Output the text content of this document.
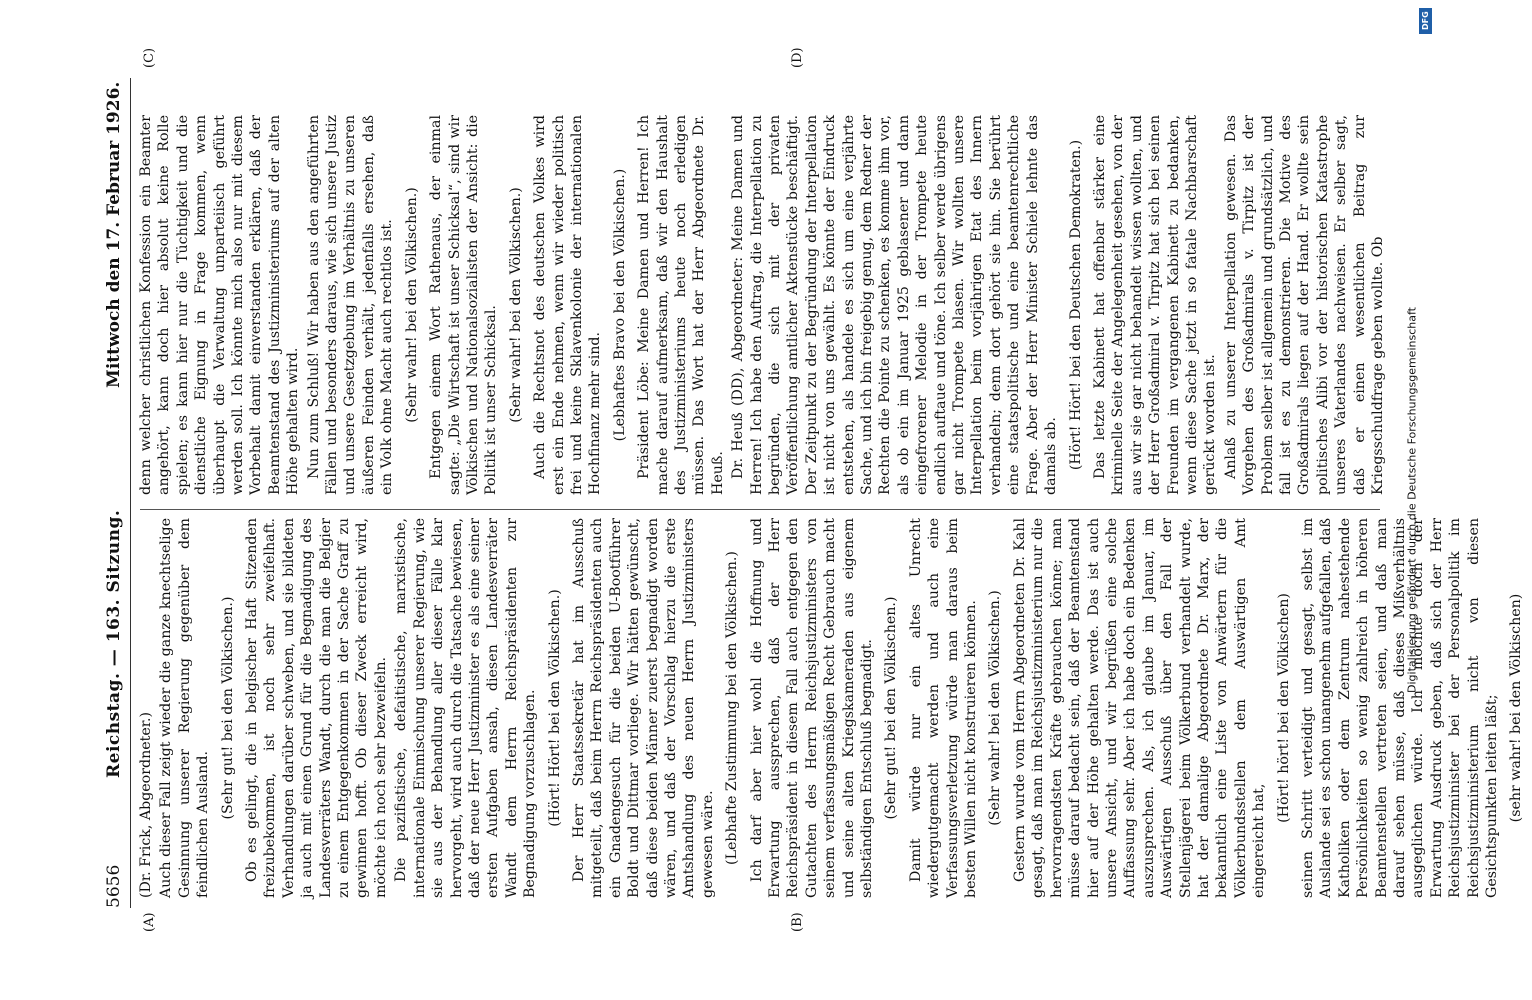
5656
Reichstag. — 163. Sitzung.
Mittwoch den 17. Februar 1926.
(A)	(B)
(C)	(D)

(Dr. Frick, Abgeordneter.) Auch dieser Fall zeigt wieder die ganze knechtselige Gesinnung unserer Regierung gegenüber dem feindlichen Ausland.

(Sehr gut! bei den Völkischen.) Ob es gelingt, die in belgischer Haft Sitzenden freizubekommen, ist noch sehr zweifelhaft. Verhandlungen darüber schweben, und sie bildeten ja auch mit einen Grund für die Begnadigung des Landesverräters Wandt, durch die man die Belgier zu einem Entgegenkommen in der Sache Graff zu gewinnen hofft. Ob dieser Zweck erreicht wird, möchte ich noch sehr bezweifeln. Die pazifistische, defaitistische, marxistische, internationale Einmischung unserer Regierung, wie sie aus der Behandlung aller dieser Fälle klar hervorgeht, wird auch durch die Tatsache bewiesen, daß der neue Herr Justizminister es als eine seiner ersten Aufgaben ansah, diesen Landesverräter Wandt dem Herrn Reichspräsidenten zur Begnadigung vorzuschlagen. (Hört! Hört! bei den Völkischen.) Der Herr Staatssekretär hat im Ausschuß mitgeteilt, daß beim Herrn Reichspräsidenten auch ein Gnadengesuch für die beiden U-Bootführer Boldt und Dittmar vorliege. Wir hätten gewünscht, daß diese beiden Männer zuerst begnadigt worden wären, und daß der Vorschlag hierzu die erste Amtshandlung des neuen Herrn Justizministers gewesen wäre. (Lebhafte Zustimmung bei den Völkischen.) Ich darf aber hier wohl die Hoffnung und Erwartung aussprechen, daß der Herr Reichspräsident in diesem Fall auch entgegen den Gutachten des Herrn Reichsjustizministers von seinem verfassungsmäßigen Recht Gebrauch macht und seine alten Kriegskameraden aus eigenem selbständigen Entschluß begnadigt. (Sehr gut! bei den Völkischen.) Damit würde nur ein altes Unrecht wiedergutgemacht werden und auch eine Verfassungsverletzung würde man daraus beim besten Willen nicht konstruieren können. (Sehr wahr! bei den Völkischen.) Gestern wurde vom Herrn Abgeordneten Dr. Kahl gesagt, daß man im Reichsjustizministerium nur die hervorragendsten Kräfte gebrauchen könne; man müsse darauf bedacht sein, daß der Beamtenstand hier auf der Höhe gehalten werde. Das ist auch unsere Ansicht, und wir begrüßen eine solche Auffassung sehr. Aber ich habe doch ein Bedenken auszusprechen. Als, ich glaube im Januar, im Auswärtigen Ausschuß über den Fall der Stellenjägerei beim Völkerbund verhandelt wurde, hat der damalige Abgeordnete Dr. Marx, der bekanntlich eine Liste von Anwärtern für die Völkerbundsstellen dem Auswärtigen Amt eingereicht hat,

(Hört! hört! bei den Völkischen) seinen Schritt verteidigt und gesagt, selbst im Auslande sei es schon unangenehm aufgefallen, daß Katholiken oder dem Zentrum nahestehende Persönlichkeiten so wenig zahlreich in höheren Beamtenstellen vertreten seien, und daß man darauf sehen müsse, daß dieses Mißverhältnis ausgeglichen würde. Ich möchte doch der Erwartung Ausdruck geben, daß sich der Herr Reichsjustizminister bei der Personalpolitik im Reichsjustizministerium nicht von diesen Gesichtspunkten leiten läßt; (sehr wahr! bei den Völkischen)

denn welcher christlichen Konfession ein Beamter angehört, kann doch hier absolut keine Rolle spielen; es kann hier nur die Tüchtigkeit und die dienstliche Eignung in Frage kommen, wenn überhaupt die Verwaltung unparteiisch geführt werden soll. Ich könnte mich also nur mit diesem Vorbehalt damit einverstanden erklären, daß der Beamtenstand des Justizministeriums auf der alten Höhe gehalten wird. Nun zum Schluß! Wir haben aus den angeführten Fällen und besonders daraus, wie sich unsere Justiz und unsere Gesetzgebung im Verhältnis zu unseren äußeren Feinden verhält, jedenfalls ersehen, daß ein Volk ohne Macht auch rechtlos ist. (Sehr wahr! bei den Völkischen.) Entgegen einem Wort Rathenaus, der einmal sagte: „Die Wirtschaft ist unser Schicksal“, sind wir Völkischen und Nationalsozialisten der Ansicht: die Politik ist unser Schicksal. (Sehr wahr! bei den Völkischen.) Auch die Rechtsnot des deutschen Volkes wird erst ein Ende nehmen, wenn wir wieder politisch frei und keine Sklavenkolonie der internationalen Hochfinanz mehr sind. (Lebhaftes Bravo bei den Völkischen.) Präsident Löbe: Meine Damen und Herren! Ich mache darauf aufmerksam, daß wir den Haushalt des Justizministeriums heute noch erledigen müssen. Das Wort hat der Herr Abgeordnete Dr. Heuß. Dr. Heuß (DD), Abgeordneter: Meine Damen und Herren! Ich habe den Auftrag, die Interpellation zu begründen, die sich mit der privaten Veröffentlichung amtlicher Aktenstücke beschäftigt. Der Zeitpunkt zu der Begründung der Interpellation ist nicht von uns gewählt. Es könnte der Eindruck entstehen, als handele es sich um eine verjährte Sache, und ich bin freigebig genug, dem Redner der Rechten die Pointe zu schenken, es komme ihm vor, als ob ein im Januar 1925 geblasener und dann eingefrorener Melodie in der Trompete heute endlich auftaue und töne. Ich selber werde übrigens gar nicht Trompete blasen. Wir wollten unsere Interpellation beim vorjährigen Etat des Innern verhandeln; denn dort gehört sie hin. Sie berührt eine staatspolitische und eine beamtenrechtliche Frage. Aber der Herr Minister Schiele lehnte das damals ab. (Hört! Hört! bei den Deutschen Demokraten.) Das letzte Kabinett hat offenbar stärker eine kriminelle Seite der Angelegenheit gesehen, von der aus wir sie gar nicht behandelt wissen wollten, und der Herr Großadmiral v. Tirpitz hat sich bei seinen Freunden im vergangenen Kabinett zu bedanken, wenn diese Sache jetzt in so fatale Nachbarschaft gerückt worden ist. Anlaß zu unserer Interpellation gewesen. Das Vorgehen des Großadmirals v. Tirpitz ist der Problem selber ist allgemein und grundsätzlich, und fall ist es zu demonstrieren. Die Motive des Großadmirals liegen auf der Hand. Er wollte sein politisches Alibi vor der historischen Katastrophe unseres Vaterlandes nachweisen. Er selber sagt, daß er einen wesentlichen Beitrag zur Kriegsschuldfrage geben wollte. Ob

DFG
Digitalisierung gefördert durch die Deutsche Forschungsgemeinschaft
